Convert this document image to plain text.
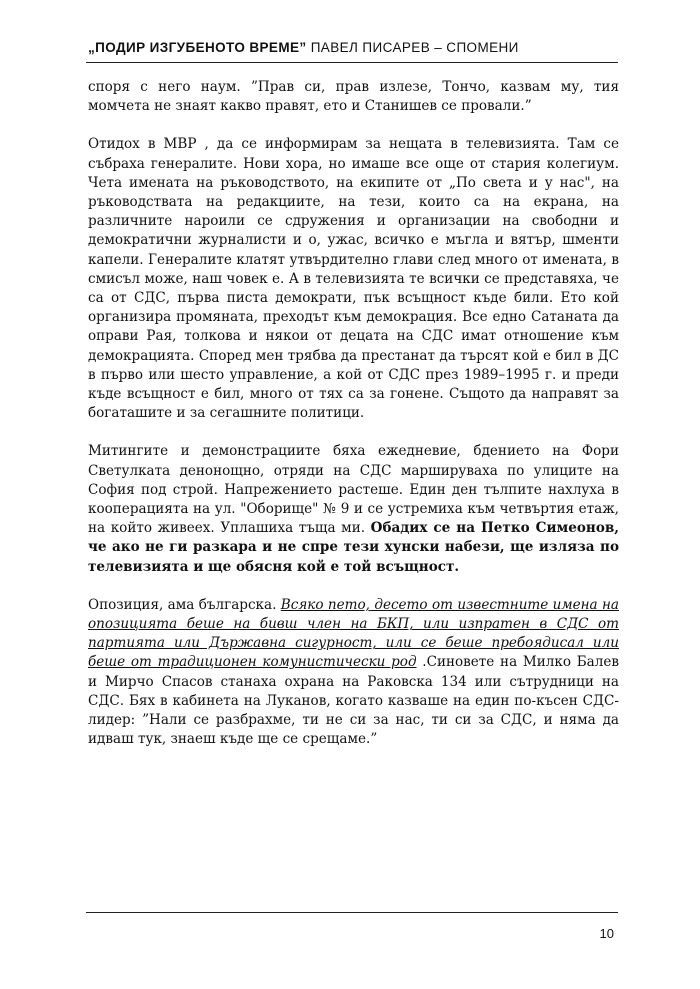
„ПОДИР ИЗГУБЕНОТО ВРЕМЕ” ПАВЕЛ ПИСАРЕВ – СПОМЕНИ

споря с него наум. ”Прав си, прав излезе, Тончо, казвам му, тия момчета не знаят какво правят, ето и Станишев се провали.”

Отидох в МВР , да се информирам за нещата в телевизията. Там се събраха генералите. Нови хора, но имаше все още от стария колегиум. Чета имената на ръководството, на екипите от „По света и у нас", на ръководствата на редакциите, на тези, които са на екрана, на различните нароили се сдружения и организации на свободни и демократични журналисти и о, ужас, всичко е мъгла и вятър, шменти капели. Генералите клатят утвърдително глави след много от имената, в смисъл може, наш човек е. А в телевизията те всички се представяха, че са от СДС, първа писта демократи, пък всъщност къде били. Ето кой организира промяната, преходът към демокрация. Все едно Сатаната да оправи Рая, толкова и някои от децата на СДС имат отношение към демокрацията. Според мен трябва да престанат да търсят кой е бил в ДС в първо или шесто управление, а кой от СДС през 1989–1995 г. и преди къде всъщност е бил, много от тях са за гонене. Същото да направят за богаташите и за сегашните политици.

Митингите и демонстрациите бяха ежедневие, бдението на Фори Светулката денонощно, отряди на СДС маршируваха по улиците на София под строй. Напрежението растеше. Един ден тълпите нахлуха в кооперацията на ул. "Оборище" № 9 и се устремиха към четвъртия етаж, на който живеех. Уплашиха тъща ми. Обадих се на Петко Симеонов, че ако не ги разкара и не спре тези хунски набези, ще изляза по телевизията и ще обясня кой е той всъщност.

Опозиция, ама българска. Всяко пето, десето от известните имена на опозицията беше на бивш член на БКП, или изпратен в СДС от партията или Държавна сигурност, или се беше пребоядисал или беше от традиционен комунистически род .Синовете на Милко Балев и Мирчо Спасов станаха охрана на Раковска 134 или сътрудници на СДС. Бях в кабинета на Луканов, когато казваше на един по-късен СДС-лидер: ”Нали се разбрахме, ти не си за нас, ти си за СДС, и няма да идваш тук, знаеш къде ще се срещаме.”

10
